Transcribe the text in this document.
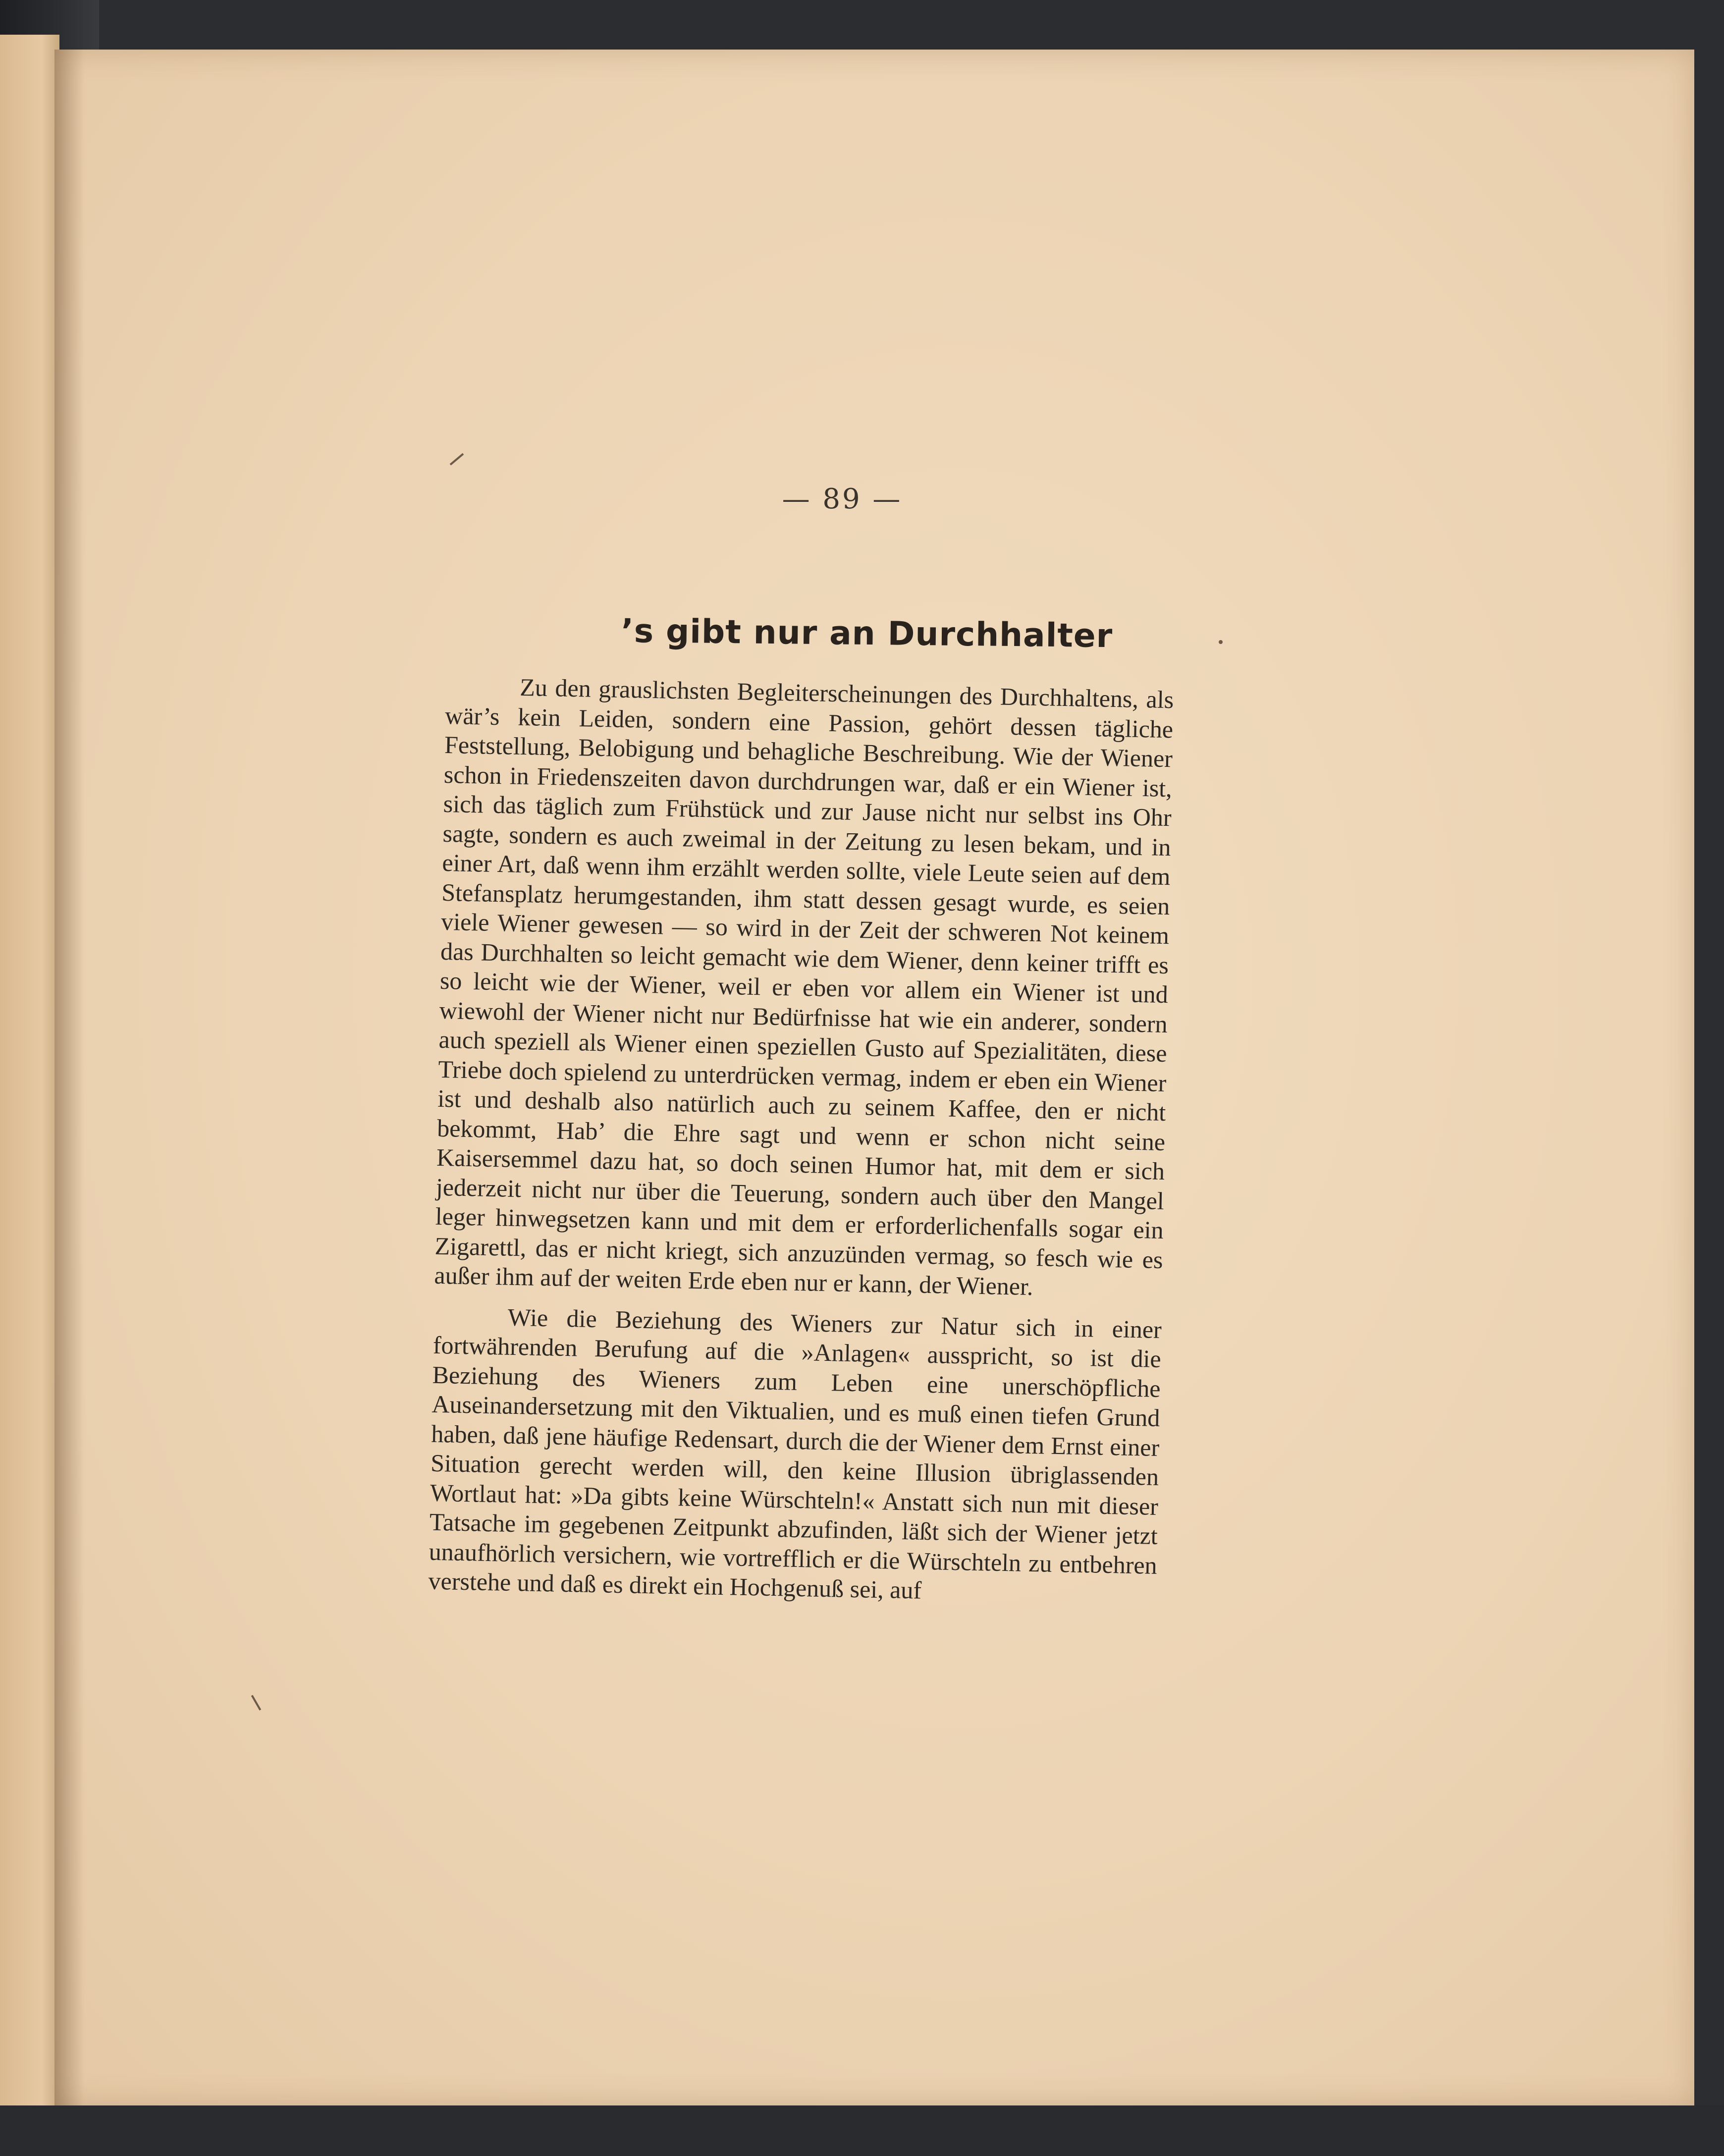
— 89 —
’s gibt nur an Durchhalter

Zu den grauslichsten Begleiterscheinungen des Durchhaltens, als wär’s kein Leiden, sondern eine Passion, gehört dessen tägliche Feststellung, Belobigung und behagliche Beschreibung. Wie der Wiener schon in Friedenszeiten davon durchdrungen war, daß er ein Wiener ist, sich das täglich zum Frühstück und zur Jause nicht nur selbst ins Ohr sagte, sondern es auch zweimal in der Zeitung zu lesen bekam, und in einer Art, daß wenn ihm erzählt werden sollte, viele Leute seien auf dem Stefansplatz herumgestanden, ihm statt dessen gesagt wurde, es seien viele Wiener gewesen — so wird in der Zeit der schweren Not keinem das Durchhalten so leicht gemacht wie dem Wiener, denn keiner trifft es so leicht wie der Wiener, weil er eben vor allem ein Wiener ist und wiewohl der Wiener nicht nur Bedürfnisse hat wie ein anderer, sondern auch speziell als Wiener einen speziellen Gusto auf Spezialitäten, diese Triebe doch spielend zu unterdrücken vermag, indem er eben ein Wiener ist und deshalb also natürlich auch zu seinem Kaffee, den er nicht bekommt, Hab’ die Ehre sagt und wenn er schon nicht seine Kaisersemmel dazu hat, so doch seinen Humor hat, mit dem er sich jederzeit nicht nur über die Teuerung, sondern auch über den Mangel leger hinwegsetzen kann und mit dem er erforderlichenfalls sogar ein Zigarettl, das er nicht kriegt, sich anzuzünden vermag, so fesch wie es außer ihm auf der weiten Erde eben nur er kann, der Wiener.

Wie die Beziehung des Wieners zur Natur sich in einer fortwährenden Berufung auf die »Anlagen« ausspricht, so ist die Beziehung des Wieners zum Leben eine unerschöpfliche Auseinandersetzung mit den Viktualien, und es muß einen tiefen Grund haben, daß jene häufige Redensart, durch die der Wiener dem Ernst einer Situation gerecht werden will, den keine Illusion übriglassenden Wortlaut hat: »Da gibts keine Würschteln!« Anstatt sich nun mit dieser Tatsache im gegebenen Zeitpunkt abzufinden, läßt sich der Wiener jetzt unaufhörlich versichern, wie vortrefflich er die Würschteln zu entbehren verstehe und daß es direkt ein Hochgenuß sei, auf
